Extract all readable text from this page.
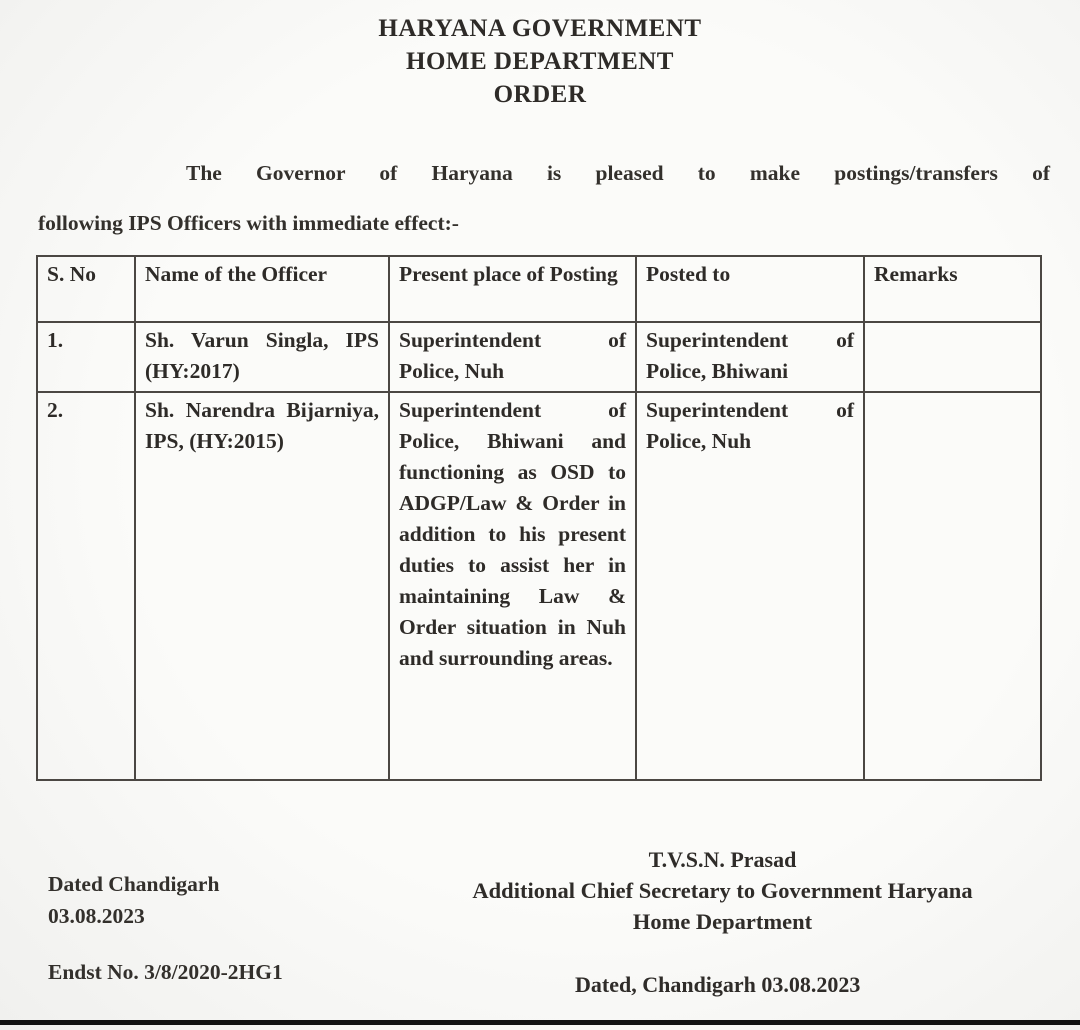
HARYANA GOVERNMENT
HOME DEPARTMENT
ORDER
The Governor of Haryana is pleased to make postings/transfers of
following IPS Officers with immediate effect:-
S. No	Name of the Officer	Present place of Posting	Posted to	Remarks
1.	Sh. Varun Singla, IPS (HY:2017)	Superintendent of Police, Nuh	Superintendent of Police, Bhiwani	
2.	Sh. Narendra Bijarniya, IPS, (HY:2015)	Superintendent of Police, Bhiwani and functioning as OSD to ADGP/Law & Order in addition to his present duties to assist her in maintaining Law & Order situation in Nuh and surrounding areas.	Superintendent of Police, Nuh	
T.V.S.N. Prasad
Additional Chief Secretary to Government Haryana
Home Department
Dated Chandigarh
03.08.2023
Endst No. 3/8/2020-2HG1	Dated, Chandigarh 03.08.2023
